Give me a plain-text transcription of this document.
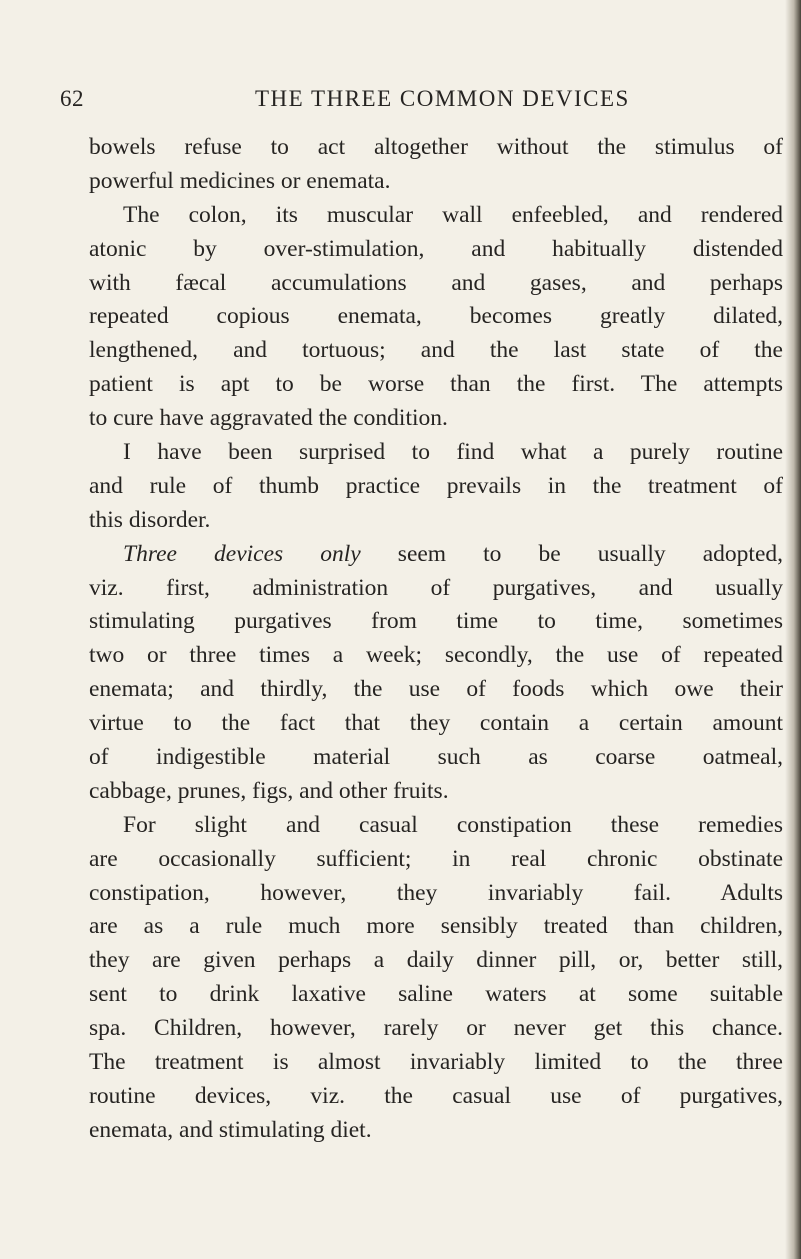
62	THE THREE COMMON DEVICES
bowels refuse to act altogether without the stimulus of
powerful medicines or enemata.
The colon, its muscular wall enfeebled, and rendered
atonic by over-stimulation, and habitually distended
with fæcal accumulations and gases, and perhaps
repeated copious enemata, becomes greatly dilated,
lengthened, and tortuous; and the last state of the
patient is apt to be worse than the first. The attempts
to cure have aggravated the condition.
I have been surprised to find what a purely routine
and rule of thumb practice prevails in the treatment of
this disorder.
Three devices only seem to be usually adopted,
viz. first, administration of purgatives, and usually
stimulating purgatives from time to time, sometimes
two or three times a week; secondly, the use of repeated
enemata; and thirdly, the use of foods which owe their
virtue to the fact that they contain a certain amount
of indigestible material such as coarse oatmeal,
cabbage, prunes, figs, and other fruits.
For slight and casual constipation these remedies
are occasionally sufficient; in real chronic obstinate
constipation, however, they invariably fail. Adults
are as a rule much more sensibly treated than children,
they are given perhaps a daily dinner pill, or, better still,
sent to drink laxative saline waters at some suitable
spa. Children, however, rarely or never get this chance.
The treatment is almost invariably limited to the three
routine devices, viz. the casual use of purgatives,
enemata, and stimulating diet.
